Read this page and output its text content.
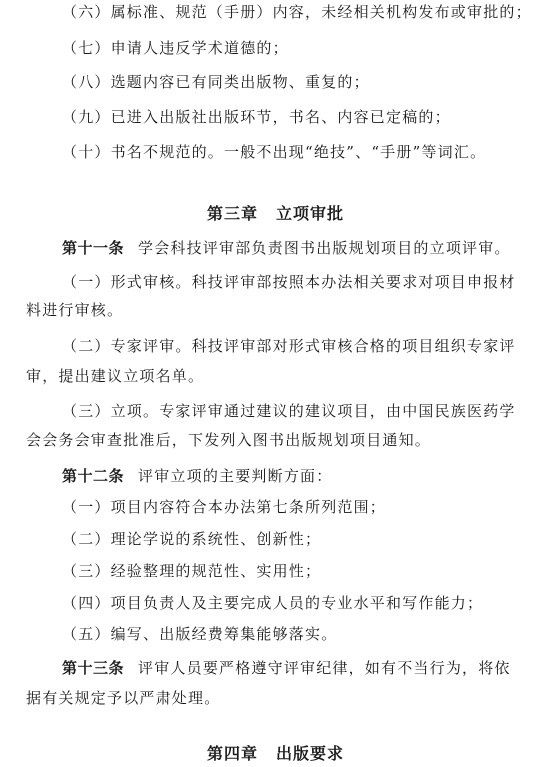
（六）属标准、规范（手册）内容，未经相关机构发布或审批的；
（七）申请人违反学术道德的；
（八）选题内容已有同类出版物、重复的；
（九）已进入出版社出版环节，书名、内容已定稿的；
（十）书名不规范的。一般不出现“绝技”、“手册”等词汇。
第三章 立项审批
第十一条 学会科技评审部负责图书出版规划项目的立项评审。
（一）形式审核。科技评审部按照本办法相关要求对项目申报材
料进行审核。
（二）专家评审。科技评审部对形式审核合格的项目组织专家评
审，提出建议立项名单。
（三）立项。专家评审通过建议的建议项目，由中国民族医药学
会会务会审查批准后，下发列入图书出版规划项目通知。
第十二条 评审立项的主要判断方面：
（一）项目内容符合本办法第七条所列范围；
（二）理论学说的系统性、创新性；
（三）经验整理的规范性、实用性；
（四）项目负责人及主要完成人员的专业水平和写作能力；
（五）编写、出版经费筹集能够落实。
第十三条 评审人员要严格遵守评审纪律，如有不当行为，将依
据有关规定予以严肃处理。
第四章 出版要求
